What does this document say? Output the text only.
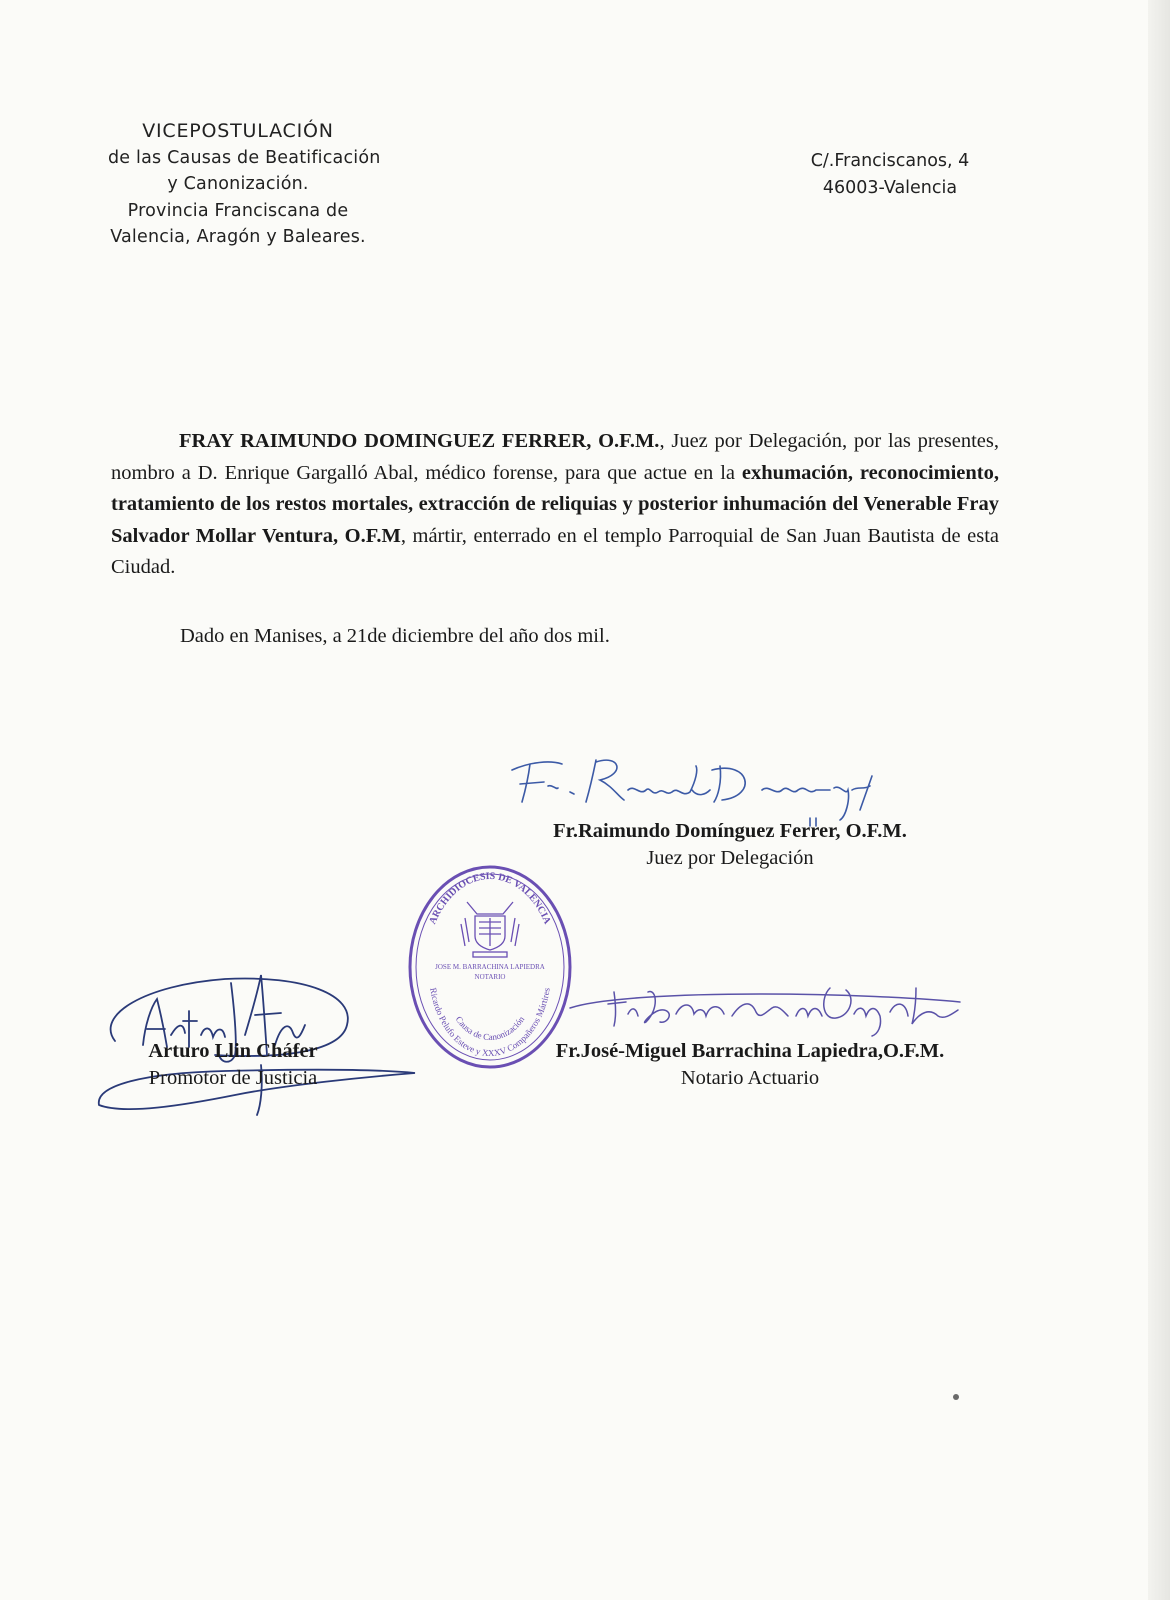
VICEPOSTULACIÓN
de las Causas de Beatificación
y Canonización.
Provincia Franciscana de
Valencia, Aragón y Baleares.
C/.Franciscanos, 4
46003-Valencia

FRAY RAIMUNDO DOMINGUEZ FERRER, O.F.M., Juez por Delegación, por las presentes, nombro a D. Enrique Gargalló Abal, médico forense, para que actue en la exhumación, reconocimiento, tratamiento de los restos mortales, extracción de reliquias y posterior inhumación del Venerable Fray Salvador Mollar Ventura, O.F.M, mártir, enterrado en el templo Parroquial de San Juan Bautista de esta Ciudad.

Dado en Manises, a 21de diciembre del año dos mil.
Fr.Raimundo Domínguez Ferrer, O.F.M.
Juez por Delegación
ARCHIDIOCESIS DE VALENCIA
Ricardo Pelufo Esteve y XXXV Compañeros Mártires
Causa de Canonización
JOSE M. BARRACHINA LAPIEDRA
NOTARIO
Arturo Llin Cháfer
Promotor de Justicia
Fr.José-Miguel Barrachina Lapiedra,O.F.M.
Notario Actuario
